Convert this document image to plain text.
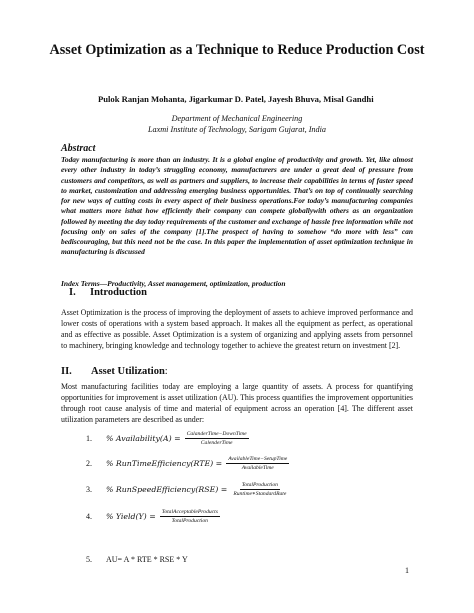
Asset Optimization as a Technique to Reduce Production Cost
Pulok Ranjan Mohanta, Jigarkumar D. Patel, Jayesh Bhuva, Misal Gandhi
Department of Mechanical Engineering
Laxmi Institute of Technology, Sarigam Gujarat, India
Abstract
Today manufacturing is more than an industry. It is a global engine of productivity and growth. Yet, like almost every other industry in today’s struggling economy, manufacturers are under a great deal of pressure from customers and competitors, as well as partners and suppliers, to increase their capabilities in terms of faster speed to market, customization and addressing emerging business opportunities. That’s on top of continually searching for new ways of cutting costs in every aspect of their business operations.For today’s manufacturing companies what matters more isthat how efficiently their company can compete globallywith others as an organization followed by meeting the day today requirements of the customer and exchange of hassle free information while not focusing only on sales of the company [1].The prospect of having to somehow “do more with less” can bediscouraging, but this need not be the case. In this paper the implementation of asset optimization technique in manufacturing is discussed
Index Terms—Productivity, Asset management, optimization, production
I. Introduction
Asset Optimization is the process of improving the deployment of assets to achieve improved performance and lower costs of operations with a system based approach. It makes all the equipment as perfect, as operational and as effective as possible. Asset Optimization is a system of organizing and applying assets from personnel to machinery, bringing knowledge and technology together to achieve the greatest return on investment [2].
II. Asset Utilization:
Most manufacturing facilities today are employing a large quantity of assets. A process for quantifying opportunities for improvement is asset utilization (AU). This process quantifies the improvement opportunities through root cause analysis of time and material of equipment across an operation [4]. The different asset utilization parameters are described as under:
1.	% Availability(A) = $\frac{\text{CalanderTime−DownTime}}{\text{CalenderTime}}$
2.	% RunTimeEfficiency(RTE) = $\frac{\text{AvailableTime−SetupTime}}{\text{AvailableTime}}$
3.	% RunSpeedEfficiency(RSE) = $\frac{\text{TotalProduction}}{\text{Runtime∗StandardRate}}$
4.	% Yield(Y) = $\frac{\text{TotalAcceptableProducts}}{\text{TotalProduction}}$
5. AU= A * RTE * RSE * Y
1
